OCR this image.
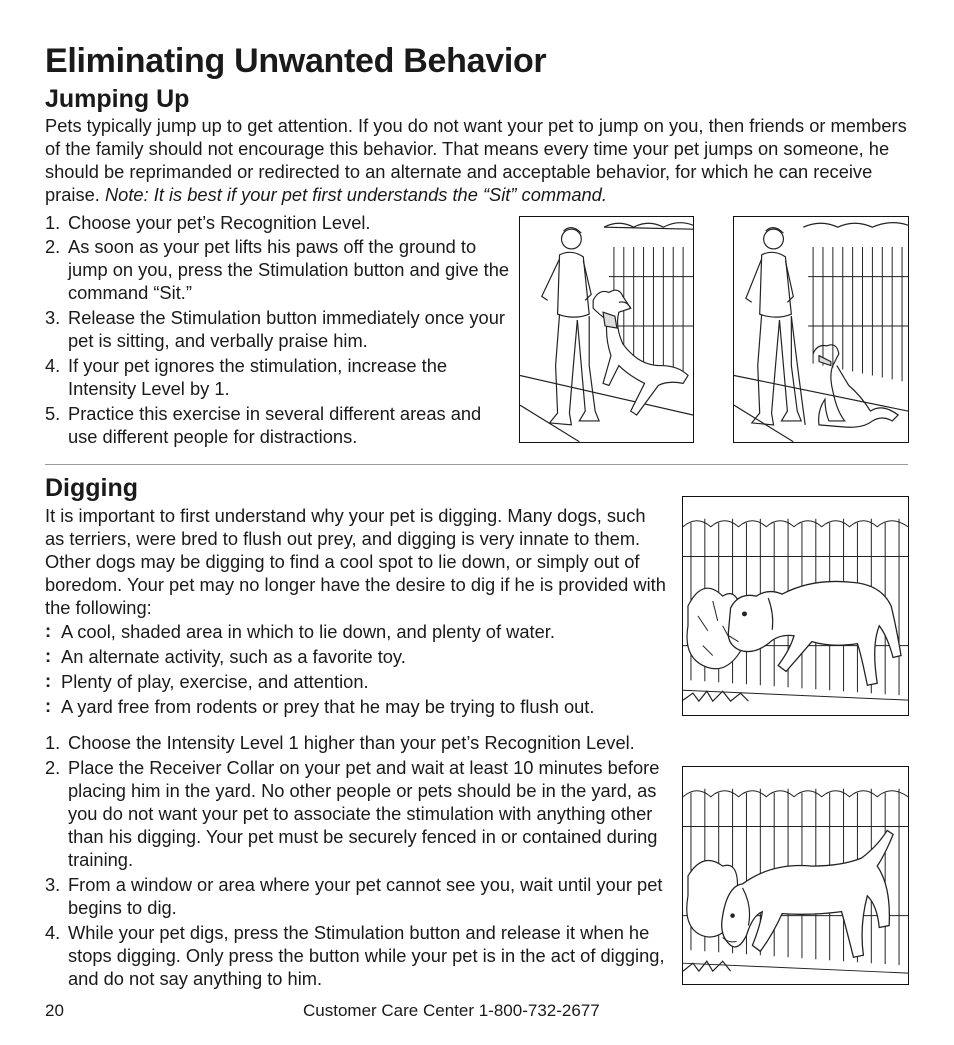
Eliminating Unwanted Behavior
Jumping Up

Pets typically jump up to get attention. If you do not want your pet to jump on you, then friends or members of the family should not encourage this behavior. That means every time your pet jumps on someone, he should be reprimanded or redirected to an alternate and acceptable behavior, for which he can receive praise. Note: It is best if your pet first understands the “Sit” command.

1. Choose your pet’s Recognition Level.
2. As soon as your pet lifts his paws off the ground to jump on you, press the Stimulation button and give the command “Sit.”
3. Release the Stimulation button immediately once your pet is sitting, and verbally praise him.
4. If your pet ignores the stimulation, increase the Intensity Level by 1.
5. Practice this exercise in several different areas and use different people for distractions.
Digging

It is important to first understand why your pet is digging. Many dogs, such as terriers, were bred to flush out prey, and digging is very innate to them. Other dogs may be digging to find a cool spot to lie down, or simply out of boredom. Your pet may no longer have the desire to dig if he is provided with the following:

: A cool, shaded area in which to lie down, and plenty of water.
: An alternate activity, such as a favorite toy.
: Plenty of play, exercise, and attention.
: A yard free from rodents or prey that he may be trying to flush out.
1. Choose the Intensity Level 1 higher than your pet’s Recognition Level.
2. Place the Receiver Collar on your pet and wait at least 10 minutes before placing him in the yard. No other people or pets should be in the yard, as you do not want your pet to associate the stimulation with anything other than his digging. Your pet must be securely fenced in or contained during training.
3. From a window or area where your pet cannot see you, wait until your pet begins to dig.
4. While your pet digs, press the Stimulation button and release it when he stops digging. Only press the button while your pet is in the act of digging, and do not say anything to him.
20	Customer Care Center 1-800-732-2677
